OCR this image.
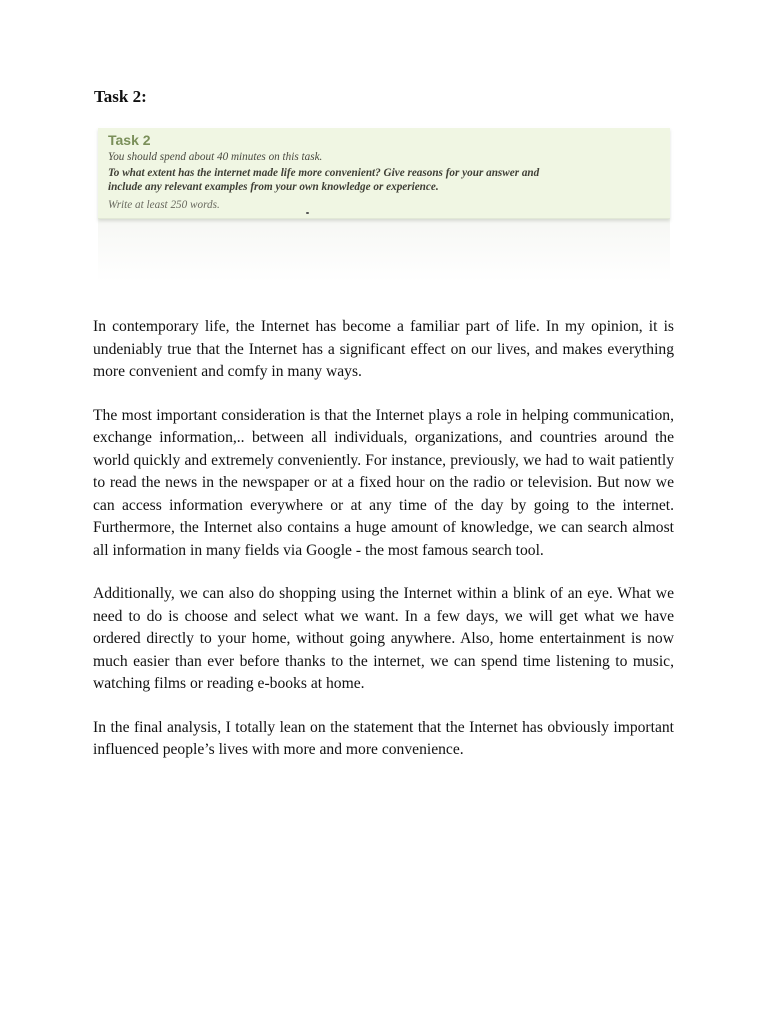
Task 2:
Task 2
You should spend about 40 minutes on this task.
To what extent has the internet made life more convenient? Give reasons for your answer and
include any relevant examples from your own knowledge or experience.
Write at least 250 words.

In contemporary life, the Internet has become a familiar part of life. In my opinion, it is undeniably true that the Internet has a significant effect on our lives, and makes everything more convenient and comfy in many ways.

The most important consideration is that the Internet plays a role in helping communication, exchange information,.. between all individuals, organizations, and countries around the world quickly and extremely conveniently. For instance, previously, we had to wait patiently to read the news in the newspaper or at a fixed hour on the radio or television. But now we can access information everywhere or at any time of the day by going to the internet. Furthermore, the Internet also contains a huge amount of knowledge, we can search almost all information in many fields via Google - the most famous search tool.

Additionally, we can also do shopping using the Internet within a blink of an eye. What we need to do is choose and select what we want. In a few days, we will get what we have ordered directly to your home, without going anywhere. Also, home entertainment is now much easier than ever before thanks to the internet, we can spend time listening to music, watching films or reading e-books at home.

In the final analysis, I totally lean on the statement that the Internet has obviously important influenced people’s lives with more and more convenience.
